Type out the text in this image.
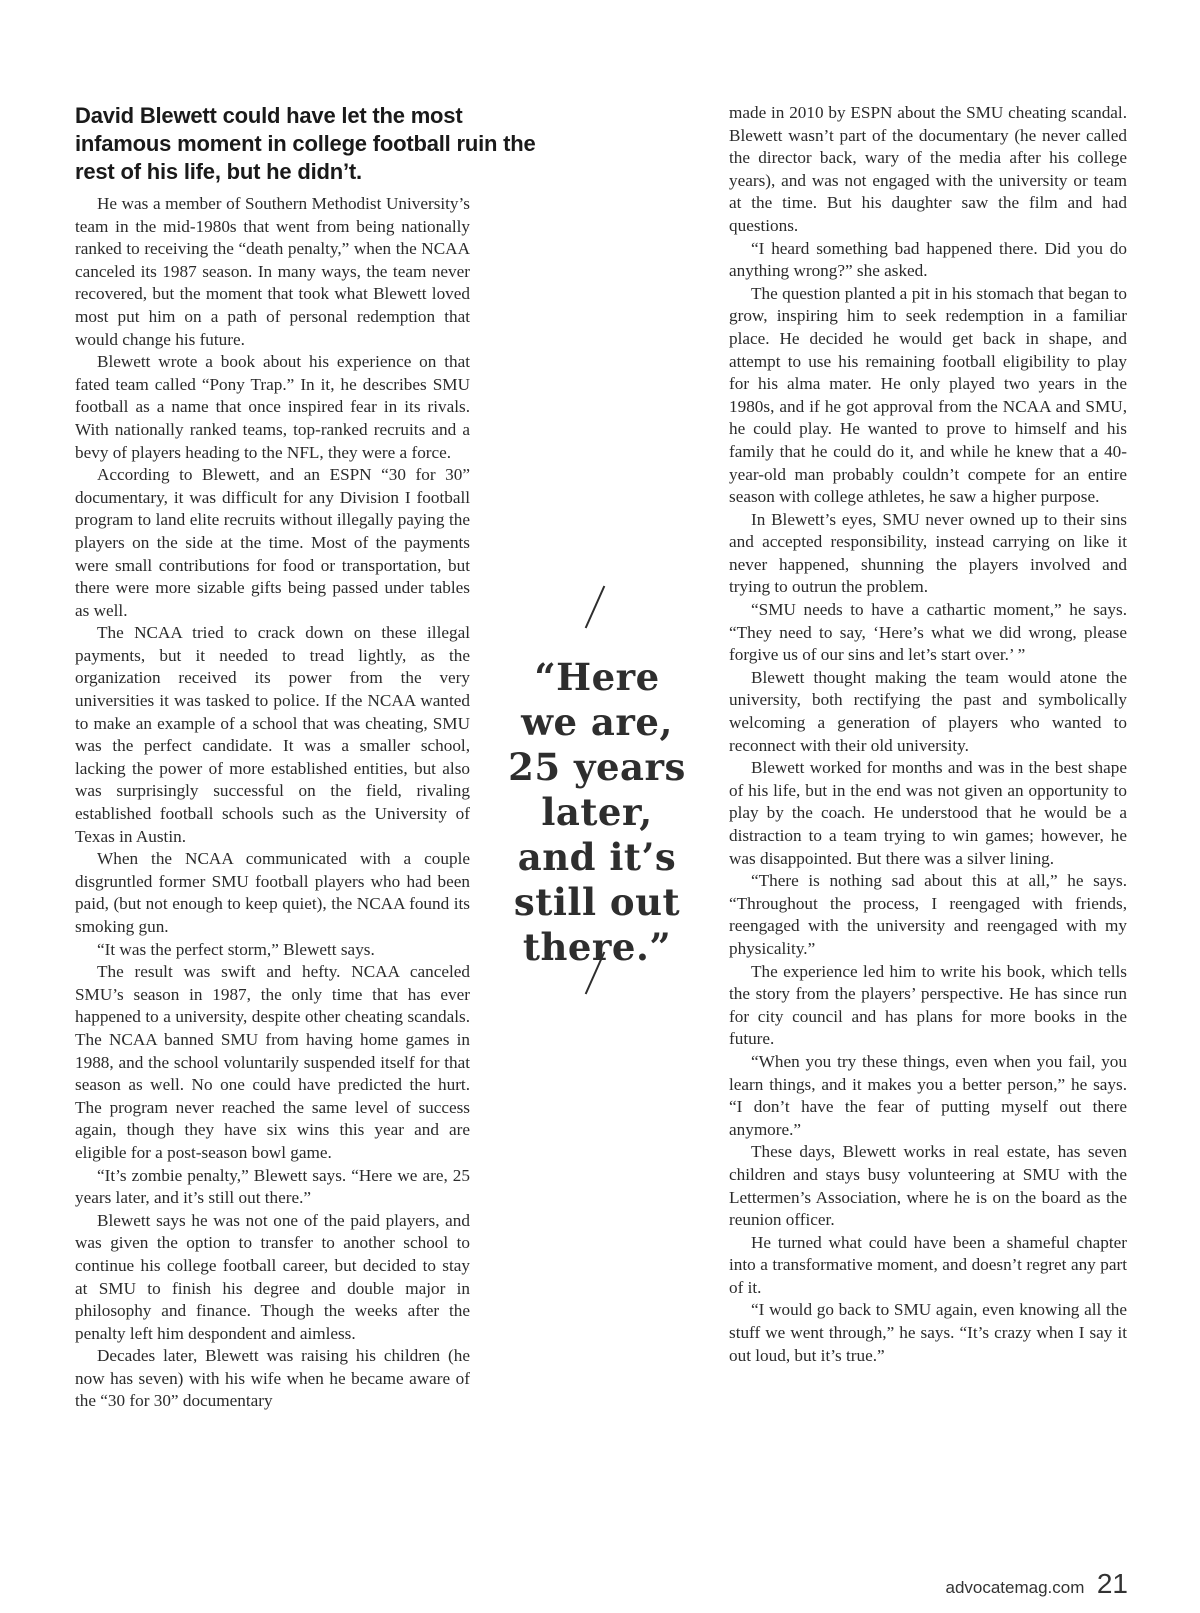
David Blewett could have let the most infamous moment in college football ruin the rest of his life, but he didn’t.

He was a member of Southern Methodist University’s team in the mid-1980s that went from being nationally ranked to receiving the “death penalty,” when the NCAA canceled its 1987 season. In many ways, the team never recovered, but the moment that took what Blewett loved most put him on a path of personal redemption that would change his future.

Blewett wrote a book about his experience on that fated team called “Pony Trap.” In it, he describes SMU football as a name that once inspired fear in its rivals. With nationally ranked teams, top-ranked recruits and a bevy of players heading to the NFL, they were a force.

According to Blewett, and an ESPN “30 for 30” documentary, it was difficult for any Division I football program to land elite recruits without illegally paying the players on the side at the time. Most of the payments were small contributions for food or transportation, but there were more sizable gifts being passed under tables as well.

The NCAA tried to crack down on these illegal payments, but it needed to tread lightly, as the organization received its power from the very universities it was tasked to police. If the NCAA wanted to make an example of a school that was cheating, SMU was the perfect candidate. It was a smaller school, lacking the power of more established entities, but also was surprisingly successful on the field, rivaling established football schools such as the University of Texas in Austin.

When the NCAA communicated with a couple disgruntled former SMU football players who had been paid, (but not enough to keep quiet), the NCAA found its smoking gun.

“It was the perfect storm,” Blewett says.

The result was swift and hefty. NCAA canceled SMU’s season in 1987, the only time that has ever happened to a university, despite other cheating scandals. The NCAA banned SMU from having home games in 1988, and the school voluntarily suspended itself for that season as well. No one could have predicted the hurt. The program never reached the same level of success again, though they have six wins this year and are eligible for a post-season bowl game.

“It’s zombie penalty,” Blewett says. “Here we are, 25 years later, and it’s still out there.”

Blewett says he was not one of the paid players, and was given the option to transfer to another school to continue his college football career, but decided to stay at SMU to finish his degree and double major in philosophy and finance. Though the weeks after the penalty left him despondent and aimless.

Decades later, Blewett was raising his children (he now has seven) with his wife when he became aware of the “30 for 30” documentary

“Here we are, 25 years later, and it’s still out there.”

made in 2010 by ESPN about the SMU cheating scandal. Blewett wasn’t part of the documentary (he never called the director back, wary of the media after his college years), and was not engaged with the university or team at the time. But his daughter saw the film and had questions.

“I heard something bad happened there. Did you do anything wrong?” she asked.

The question planted a pit in his stomach that began to grow, inspiring him to seek redemption in a familiar place. He decided he would get back in shape, and attempt to use his remaining football eligibility to play for his alma mater. He only played two years in the 1980s, and if he got approval from the NCAA and SMU, he could play. He wanted to prove to himself and his family that he could do it, and while he knew that a 40-year-old man probably couldn’t compete for an entire season with college athletes, he saw a higher purpose.

In Blewett’s eyes, SMU never owned up to their sins and accepted responsibility, instead carrying on like it never happened, shunning the players involved and trying to outrun the problem.

“SMU needs to have a cathartic moment,” he says. “They need to say, ‘Here’s what we did wrong, please forgive us of our sins and let’s start over.’ ”

Blewett thought making the team would atone the university, both rectifying the past and symbolically welcoming a generation of players who wanted to reconnect with their old university.

Blewett worked for months and was in the best shape of his life, but in the end was not given an opportunity to play by the coach. He understood that he would be a distraction to a team trying to win games; however, he was disappointed. But there was a silver lining.

“There is nothing sad about this at all,” he says. “Throughout the process, I reengaged with friends, reengaged with the university and reengaged with my physicality.”

The experience led him to write his book, which tells the story from the players’ perspective. He has since run for city council and has plans for more books in the future.

“When you try these things, even when you fail, you learn things, and it makes you a better person,” he says. “I don’t have the fear of putting myself out there anymore.”

These days, Blewett works in real estate, has seven children and stays busy volunteering at SMU with the Lettermen’s Association, where he is on the board as the reunion officer.

He turned what could have been a shameful chapter into a transformative moment, and doesn’t regret any part of it.

“I would go back to SMU again, even knowing all the stuff we went through,” he says. “It’s crazy when I say it out loud, but it’s true.”

advocatemag.com 21
